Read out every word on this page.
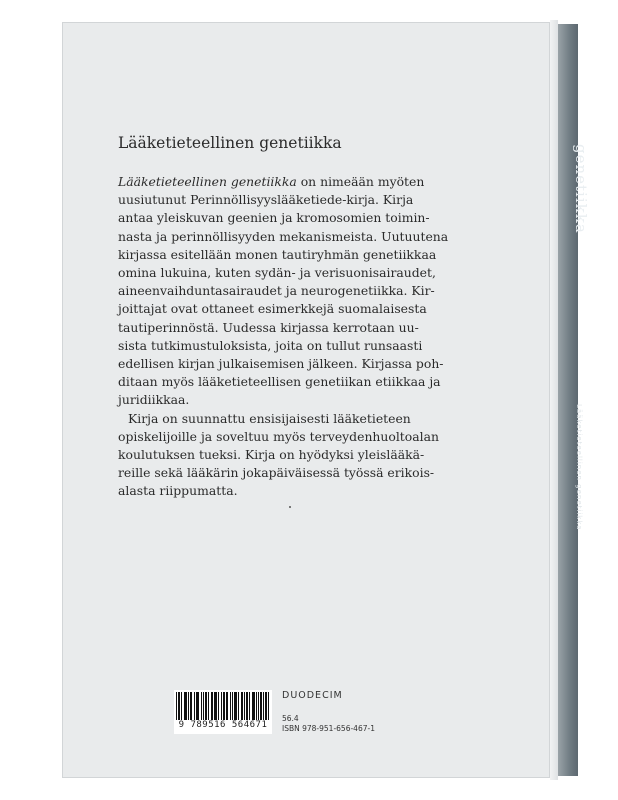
genetiikka
Lääketieteellinen genetiikka
Lääketieteellinen genetiikka

Lääketieteellinen genetiikka on nimeään myöten
uusiutunut Perinnöllisyyslääketiede-kirja. Kirja
antaa yleiskuvan geenien ja kromosomien toimin-
nasta ja perinnöllisyyden mekanismeista. Uutuutena
kirjassa esitellään monen tautiryhmän genetiikkaa
omina lukuina, kuten sydän- ja verisuonisairaudet,
aineenvaihduntasairaudet ja neurogenetiikka. Kir-
joittajat ovat ottaneet esimerkkejä suomalaisesta
tautiperinnöstä. Uudessa kirjassa kerrotaan uu-
sista tutkimustuloksista, joita on tullut runsaasti
edellisen kirjan julkaisemisen jälkeen. Kirjassa poh-
ditaan myös lääketieteellisen genetiikan etiikkaa ja
juridiikkaa.

Kirja on suunnattu ensisijaisesti lääketieteen
opiskelijoille ja soveltuu myös terveydenhuoltoalan
koulutuksen tueksi. Kirja on hyödyksi yleislääkä-
reille sekä lääkärin jokapäiväisessä työssä erikois-
alasta riippumatta.

9 789516 564671
DUODECIM
56.4
ISBN 978-951-656-467-1
